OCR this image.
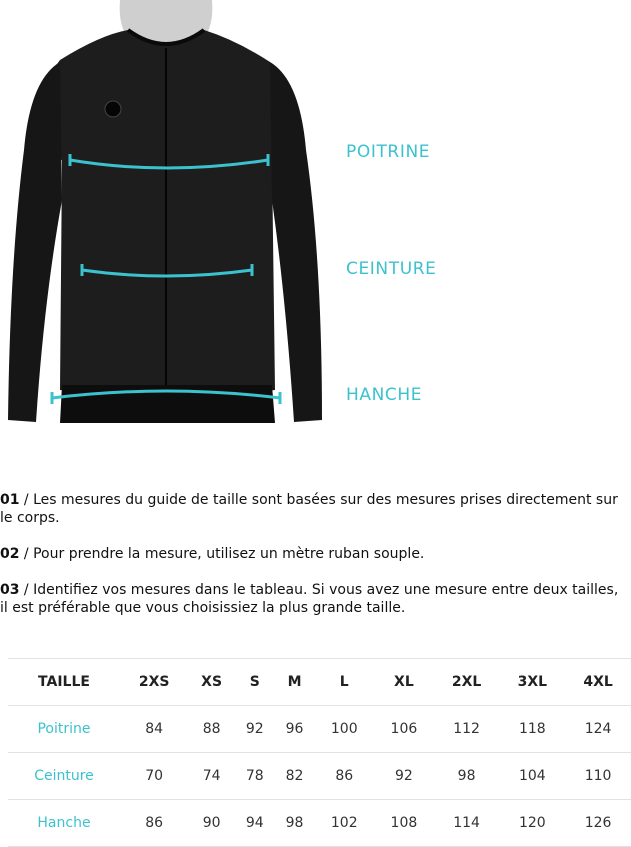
POITRINE
CEINTURE
HANCHE

01 / Les mesures du guide de taille sont basées sur des mesures prises directement sur le corps.

02 / Pour prendre la mesure, utilisez un mètre ruban souple.

03 / Identifiez vos mesures dans le tableau. Si vous avez une mesure entre deux tailles, il est préférable que vous choisissiez la plus grande taille.

TAILLE	2XS	XS	S	M	L	XL	2XL	3XL	4XL
Poitrine	84	88	92	96	100	106	112	118	124
Ceinture	70	74	78	82	86	92	98	104	110
Hanche	86	90	94	98	102	108	114	120	126
